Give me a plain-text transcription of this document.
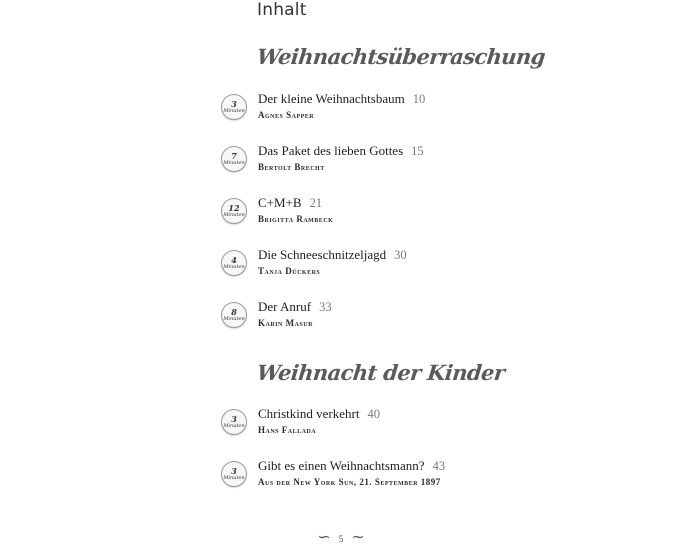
Inhalt
Weihnachtsüberraschung
3
Minuten
Der kleine Weihnachtsbaum 10
Agnes Sapper
7
Minuten
Das Paket des lieben Gottes 15
Bertolt Brecht
12
Minuten
C+M+B 21
Brigitta Rambeck
4
Minuten
Die Schneeschnitzeljagd 30
Tanja Dückers
8
Minuten
Der Anruf 33
Karin Masur
Weihnacht der Kinder
3
Minuten
Christkind verkehrt 40
Hans Fallada
3
Minuten
Gibt es einen Weihnachtsmann? 43
Aus der New York Sun, 21. September 1897
∽ 5 ∼
